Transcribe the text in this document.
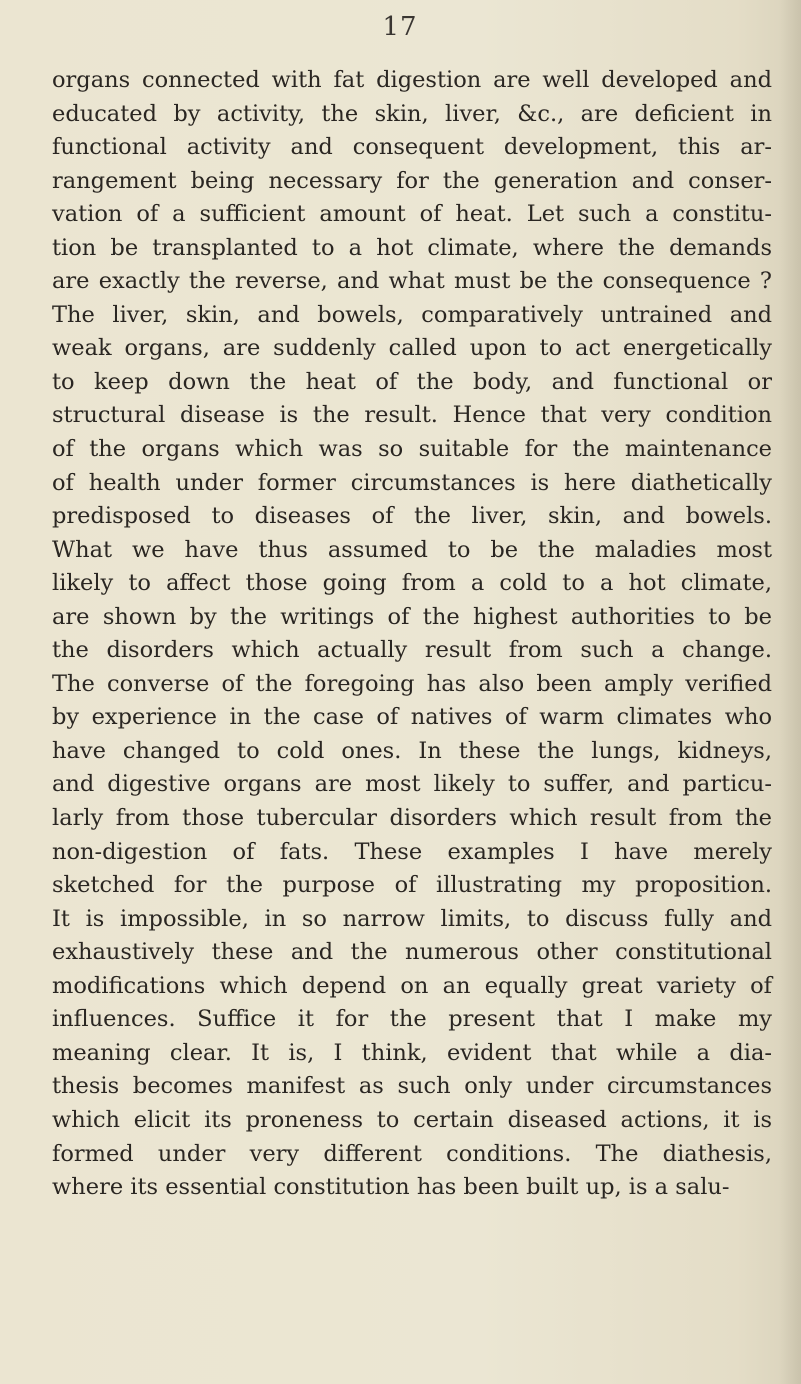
17
organs connected with fat digestion are well developed and
educated by activity, the skin, liver, &c., are deficient in
functional activity and consequent development, this ar-
rangement being necessary for the generation and conser-
vation of a sufficient amount of heat. Let such a constitu-
tion be transplanted to a hot climate, where the demands
are exactly the reverse, and what must be the consequence ?
The liver, skin, and bowels, comparatively untrained and
weak organs, are suddenly called upon to act energetically
to keep down the heat of the body, and functional or
structural disease is the result. Hence that very condition
of the organs which was so suitable for the maintenance
of health under former circumstances is here diathetically
predisposed to diseases of the liver, skin, and bowels.
What we have thus assumed to be the maladies most
likely to affect those going from a cold to a hot climate,
are shown by the writings of the highest authorities to be
the disorders which actually result from such a change.
The converse of the foregoing has also been amply verified
by experience in the case of natives of warm climates who
have changed to cold ones. In these the lungs, kidneys,
and digestive organs are most likely to suffer, and particu-
larly from those tubercular disorders which result from the
non-digestion of fats. These examples I have merely
sketched for the purpose of illustrating my proposition.
It is impossible, in so narrow limits, to discuss fully and
exhaustively these and the numerous other constitutional
modifications which depend on an equally great variety of
influences. Suffice it for the present that I make my
meaning clear. It is, I think, evident that while a dia-
thesis becomes manifest as such only under circumstances
which elicit its proneness to certain diseased actions, it is
formed under very different conditions. The diathesis,
where its essential constitution has been built up, is a salu-
